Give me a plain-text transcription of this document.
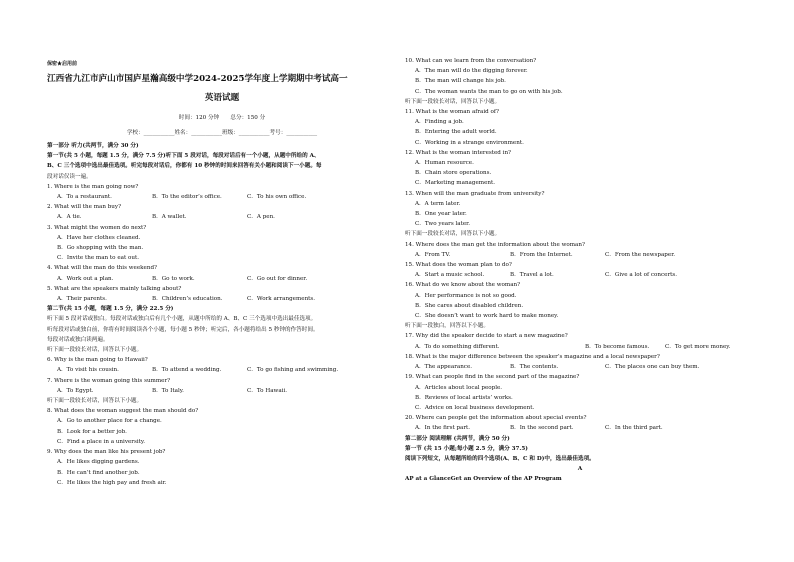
保密★启用前
江西省九江市庐山市国庐星瀚高级中学2024-2025学年度上学期期中考试高一
英语试题
时间：120 分钟　　总分：150 分
学校：___________姓名：___________班级：___________考号：___________
第一部分 听力(共两节，满分 30 分)
第一节(共 5 小题，每题 1.5 分，满分 7.5 分)听下面 5 段对话，每段对话后有一个小题，从题中所给的 A、
B、C 三个选项中选出最佳选项。听完每段对话后，你都有 10 秒钟的时间来回答有关小题和阅读下一小题。每
段对话仅读一遍。
1. Where is the man going now?
A．To a restaurant.	B．To the editor’s office.	C．To his own office.
2. What will the man buy?
A．A tie.	B．A wallet.	C．A pen.
3. What might the women do next?
A．Have her clothes cleaned.
B．Go shopping with the man.
C．Invite the man to eat out.
4. What will the man do this weekend?
A．Work out a plan.	B．Go to work.	C．Go out for dinner.
5. What are the speakers mainly talking about?
A．Their parents.	B．Children’s education.	C．Work arrangements.
第二节(共 15 小题，每题 1.5 分，满分 22.5 分)
听下面 5 段对话或独白。每段对话或独白后有几个小题，从题中所给的 A、B、C 三个选项中选出最佳选项。
听每段对话或独白前，你将有时间阅读各个小题，每小题 5 秒钟；听完后，各小题将给出 5 秒钟的作答时间。
每段对话或独白读两遍。
听下面一段较长对话，回答以下小题。
6. Why is the man going to Hawaii?
A．To visit his cousin.	B．To attend a wedding.	C．To go fishing and swimming.
7. Where is the woman going this summer?
A．To Egypt.	B．To Italy.	C．To Hawaii.
听下面一段较长对话，回答以下小题。
8. What does the woman suggest the man should do?
A．Go to another place for a change.
B．Look for a better job.
C．Find a place in a university.
9. Why does the man like his present job?
A．He likes digging gardens.
B．He can’t find another job.
C．He likes the high pay and fresh air.
10. What can we learn from the conversation?
A．The man will do the digging forever.
B．The man will change his job.
C．The woman wants the man to go on with his job.
听下面一段较长对话，回答以下小题。
11. What is the woman afraid of?
A．Finding a job.
B．Entering the adult world.
C．Working in a strange environment.
12. What is the woman interested in?
A．Human resource.
B．Chain store operations.
C．Marketing management.
13. When will the man graduate from university?
A．A term later.
B．One year later.
C．Two years later.
听下面一段较长对话，回答以下小题。
14. Where does the man get the information about the woman?
A．From TV.	B．From the Internet.	C．From the newspaper.
15. What does the woman plan to do?
A．Start a music school.	B．Travel a lot.	C．Give a lot of concerts.
16. What do we know about the woman?
A．Her performance is not so good.
B．She cares about disabled children.
C．She doesn’t want to work hard to make money.
听下面一段独白，回答以下小题。
17. Why did the speaker decide to start a new magazine?
A．To do something different.	B．To become famous.	C．To get more money.
18. What is the major difference between the speaker’s magazine and a local newspaper?
A．The appearance.	B．The contents.	C．The places one can buy them.
19. What can people find in the second part of the magazine?
A．Articles about local people.
B．Reviews of local artists’ works.
C．Advice on local business development.
20. Where can people get the information about special events?
A．In the first part.	B．In the second part.	C．In the third part.
第二部分 阅读理解 (共两节，满分 50 分)
第一节 (共 15 小题;每小题 2.5 分，满分 37.5)
阅读下列短文，从每题所给的四个选项(A、B、C 和 D)中，选出最佳选项。
A
AP at a GlanceGet an Overview of the AP Program
